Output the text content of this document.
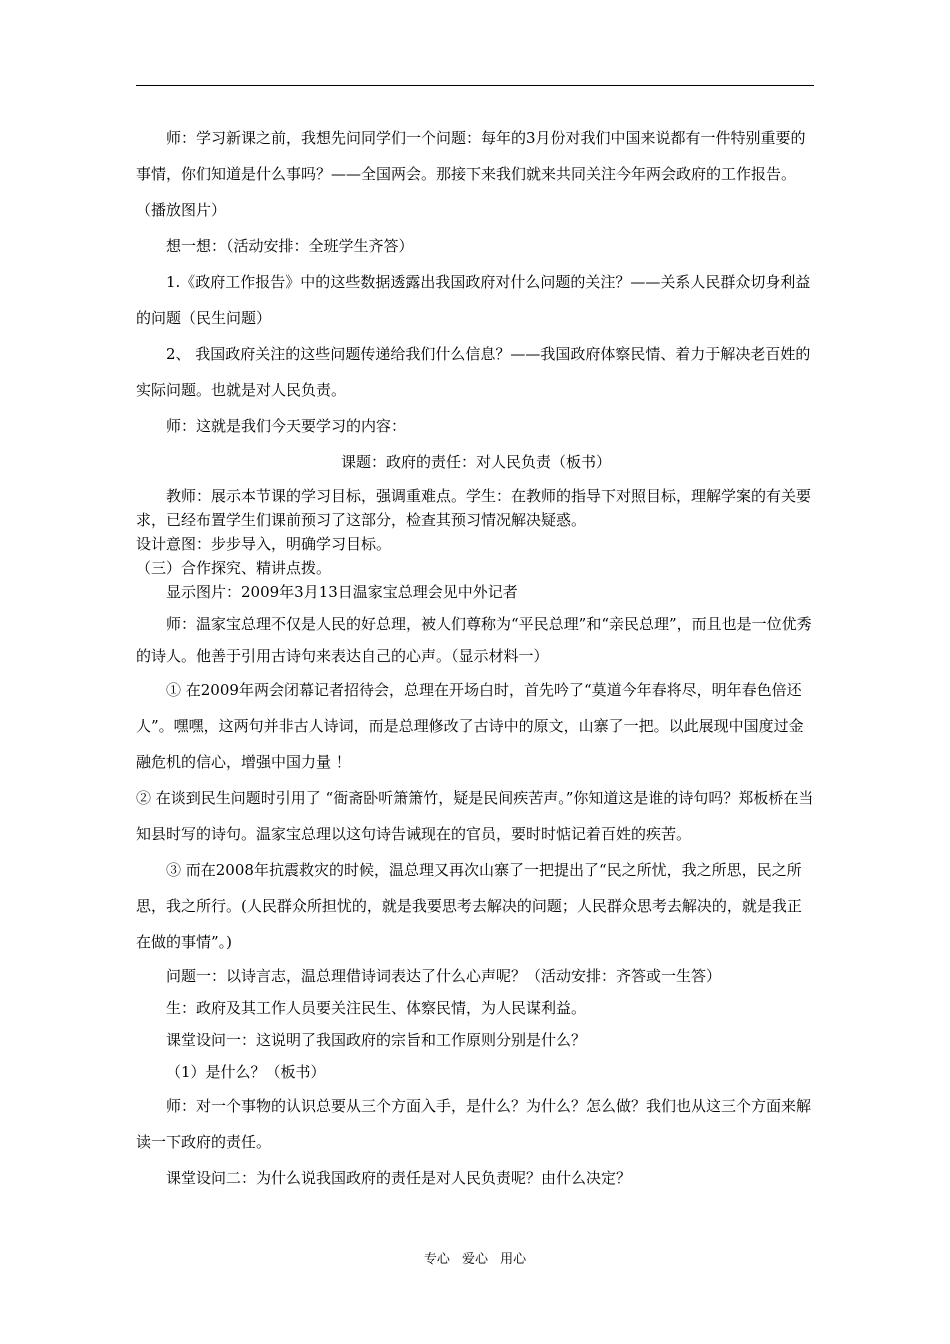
师：学习新课之前，我想先问同学们一个问题：每年的3月份对我们中国来说都有一件特别重要的事情，你们知道是什么事吗？——全国两会。那接下来我们就来共同关注今年两会政府的工作报告。（播放图片）

想一想：（活动安排：全班学生齐答）

1.《政府工作报告》中的这些数据透露出我国政府对什么问题的关注？——关系人民群众切身利益的问题（民生问题）

2、 我国政府关注的这些问题传递给我们什么信息？——我国政府体察民情、着力于解决老百姓的实际问题。也就是对人民负责。

师：这就是我们今天要学习的内容：

课题：政府的责任：对人民负责（板书）

教师：展示本节课的学习目标，强调重难点。学生：在教师的指导下对照目标，理解学案的有关要求，已经布置学生们课前预习了这部分，检查其预习情况解决疑惑。

设计意图：步步导入，明确学习目标。

（三）合作探究、精讲点拨。

显示图片：2009年3月13日温家宝总理会见中外记者

师：温家宝总理不仅是人民的好总理，被人们尊称为“平民总理”和“亲民总理”，而且也是一位优秀的诗人。他善于引用古诗句来表达自己的心声。（显示材料一）

① 在2009年两会闭幕记者招待会，总理在开场白时，首先吟了“莫道今年春将尽，明年春色倍还人”。嘿嘿，这两句并非古人诗词，而是总理修改了古诗中的原文，山寨了一把。以此展现中国度过金融危机的信心，增强中国力量 ！

② 在谈到民生问题时引用了 “衙斋卧听箫箫竹，疑是民间疾苦声。”你知道这是谁的诗句吗？郑板桥在当知县时写的诗句。温家宝总理以这句诗告诫现在的官员，要时时惦记着百姓的疾苦。

③ 而在2008年抗震救灾的时候，温总理又再次山寨了一把提出了“民之所忧，我之所思，民之所思，我之所行。(人民群众所担忧的，就是我要思考去解决的问题；人民群众思考去解决的，就是我正在做的事情”。)

问题一：以诗言志，温总理借诗词表达了什么心声呢？（活动安排：齐答或一生答）

生：政府及其工作人员要关注民生、体察民情，为人民谋利益。

课堂设问一：这说明了我国政府的宗旨和工作原则分别是什么？

（1）是什么？（板书）

师：对一个事物的认识总要从三个方面入手，是什么？为什么？怎么做？我们也从这三个方面来解读一下政府的责任。

课堂设问二：为什么说我国政府的责任是对人民负责呢？由什么决定？

专心 爱心 用心
